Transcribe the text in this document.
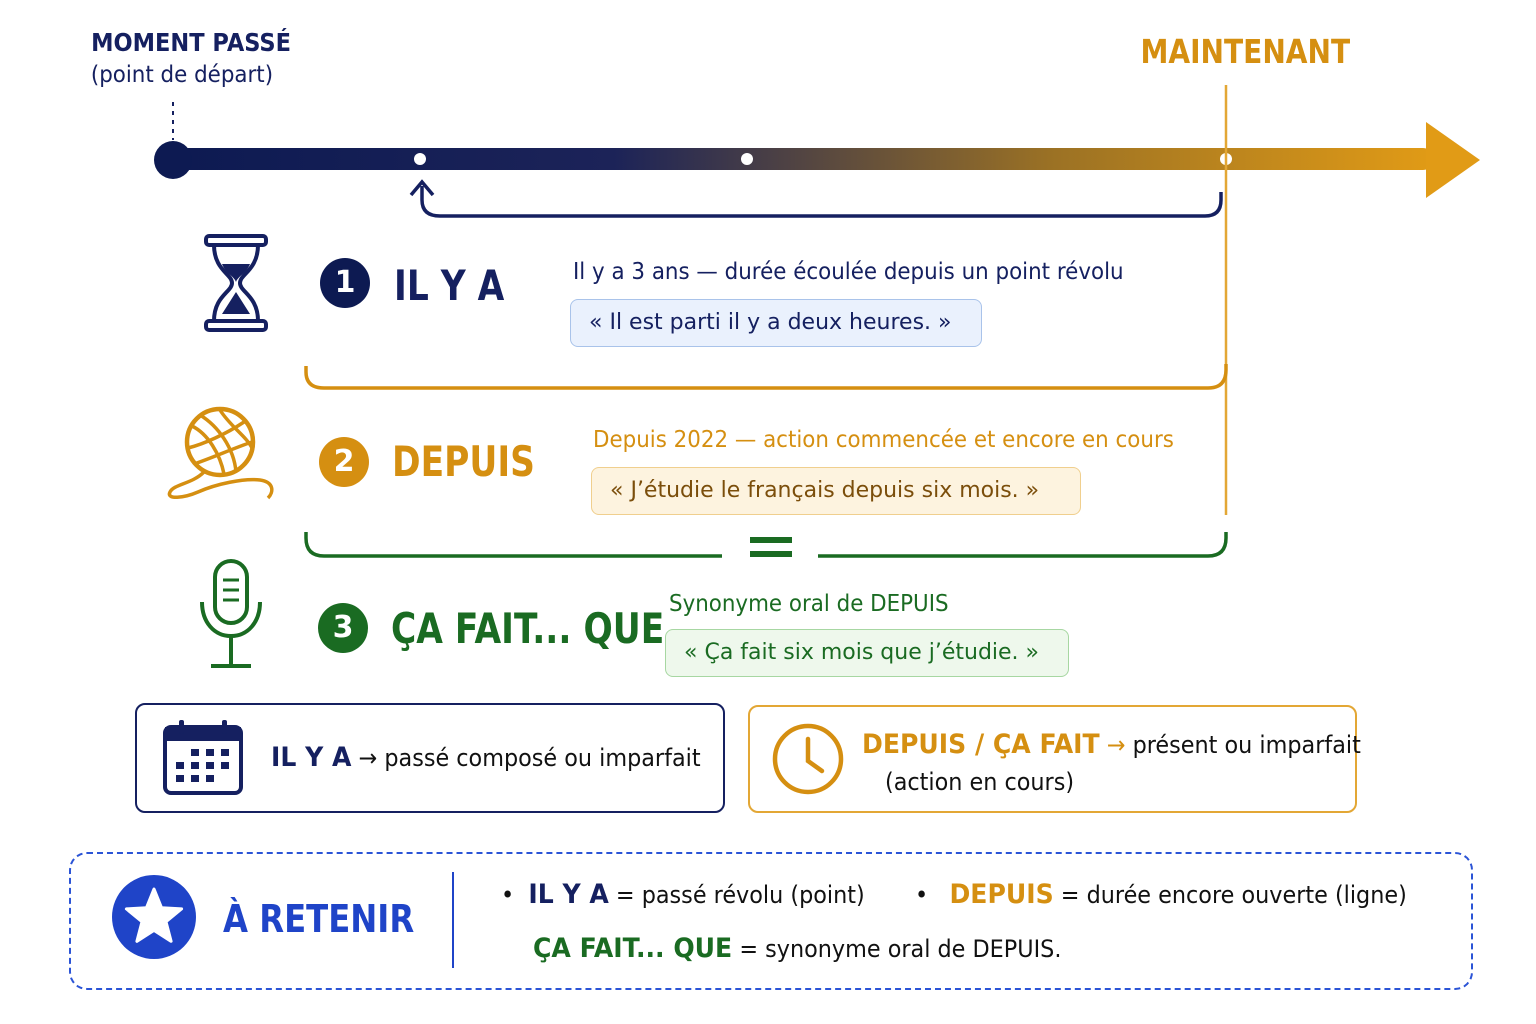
MOMENT PASSÉ
(point de départ)
MAINTENANT
1 IL Y A	Il y a 3 ans — durée écoulée depuis un point révolu
« Il est parti il y a deux heures. »
2 DEPUIS	Depuis 2022 — action commencée et encore en cours
« J’étudie le français depuis six mois. »
3 ÇA FAIT... QUE Synonyme oral de DEPUIS
« Ça fait six mois que j’étudie. »
IL Y A → passé composé ou imparfait	DEPUIS / ÇA FAIT → présent ou imparfait
(action en cours)
À RETENIR
• IL Y A = passé révolu (point)	• DEPUIS = durée encore ouverte (ligne)
ÇA FAIT... QUE = synonyme oral de DEPUIS.
